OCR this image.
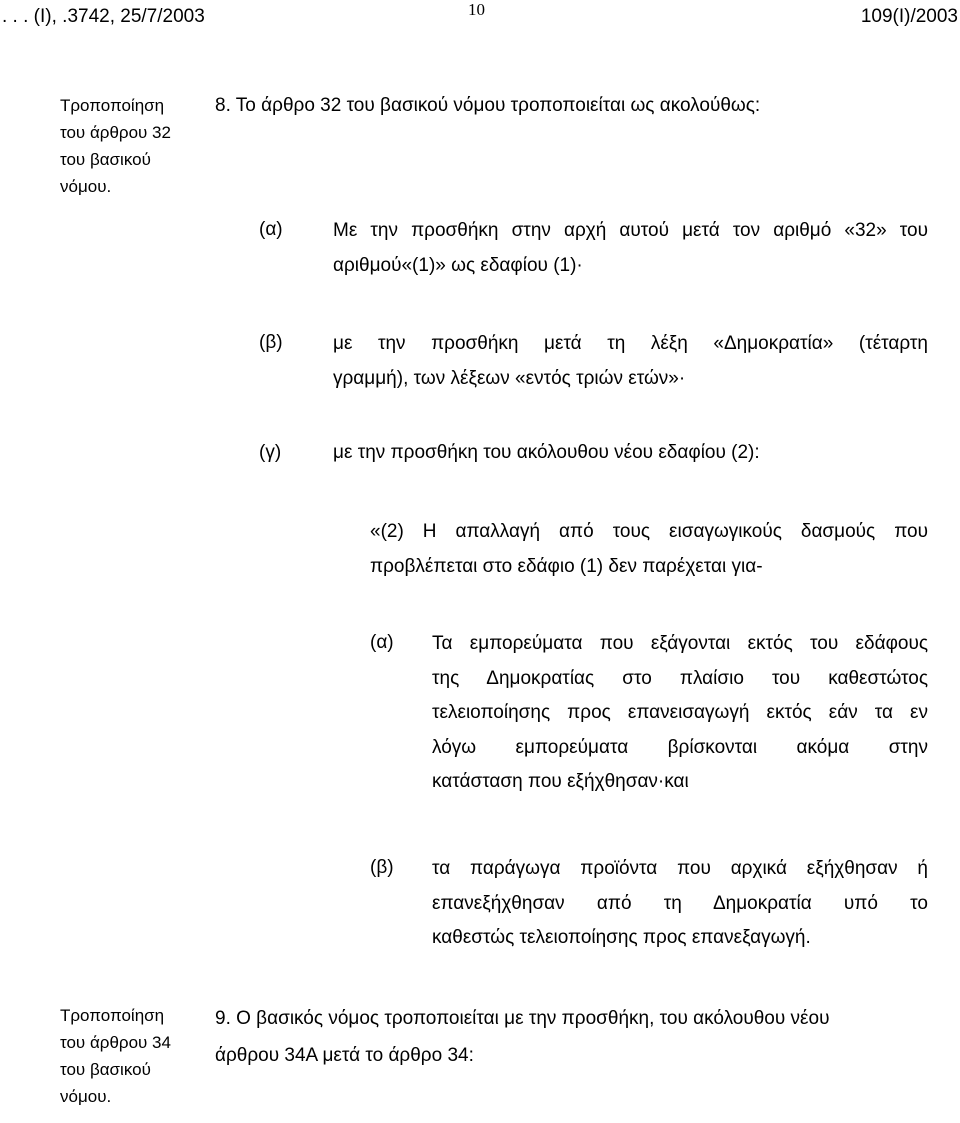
. . . (Ι), .3742, 25/7/2003	10	109(Ι)/2003
Τροποποίηση
του άρθρου 32
του βασικού
νόμου.
8. Το άρθρο 32 του βασικού νόμου τροποποιείται ως ακολούθως:
(α)	Με την προσθήκη στην αρχή αυτού μετά τον αριθμό «32» του
αριθμού«(1)» ως εδαφίου (1)·
(β)	με την προσθήκη μετά τη λέξη «Δημοκρατία» (τέταρτη
γραμμή), των λέξεων «εντός τριών ετών»·
(γ)	με την προσθήκη του ακόλουθου νέου εδαφίου (2):
«(2) Η απαλλαγή από τους εισαγωγικούς δασμούς που
προβλέπεται στο εδάφιο (1) δεν παρέχεται για-
(α) Τα εμπορεύματα που εξάγονται εκτός του εδάφους
της Δημοκρατίας στο πλαίσιο του καθεστώτος
τελειοποίησης προς επανεισαγωγή εκτός εάν τα εν
λόγω εμπορεύματα βρίσκονται ακόμα στην
κατάσταση που εξήχθησαν·και
(β) τα παράγωγα προϊόντα που αρχικά εξήχθησαν ή
επανεξήχθησαν από τη Δημοκρατία υπό το
καθεστώς τελειοποίησης προς επανεξαγωγή.
Τροποποίηση
του άρθρου 34
του βασικού
νόμου.
9. Ο βασικός νόμος τροποποιείται με την προσθήκη, του ακόλουθου νέου
άρθρου 34Α μετά το άρθρο 34:
